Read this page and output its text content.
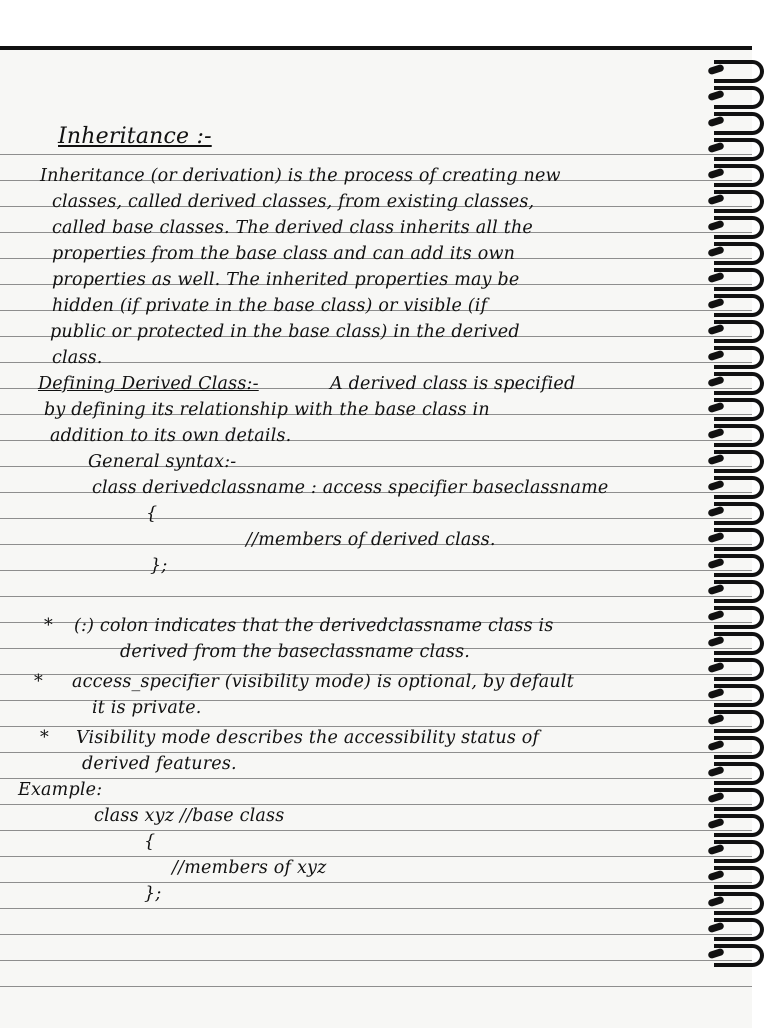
Inheritance :-
Inheritance (or derivation) is the process of creating new
classes, called derived classes, from existing classes,
called base classes. The derived class inherits all the
properties from the base class and can add its own
properties as well. The inherited properties may be
hidden (if private in the base class) or visible (if
public or protected in the base class) in the derived
class.
Defining Derived Class:-	A derived class is specified
by defining its relationship with the base class in
addition to its own details.
General syntax:-
class derivedclassname : access specifier baseclassname
{
//members of derived class.
};
* (:) colon indicates that the derivedclassname class is
derived from the baseclassname class.
* access_specifier (visibility mode) is optional, by default
it is private.
* Visibility mode describes the accessibility status of
derived features.
Example:
class xyz //base class
{
//members of xyz
};
